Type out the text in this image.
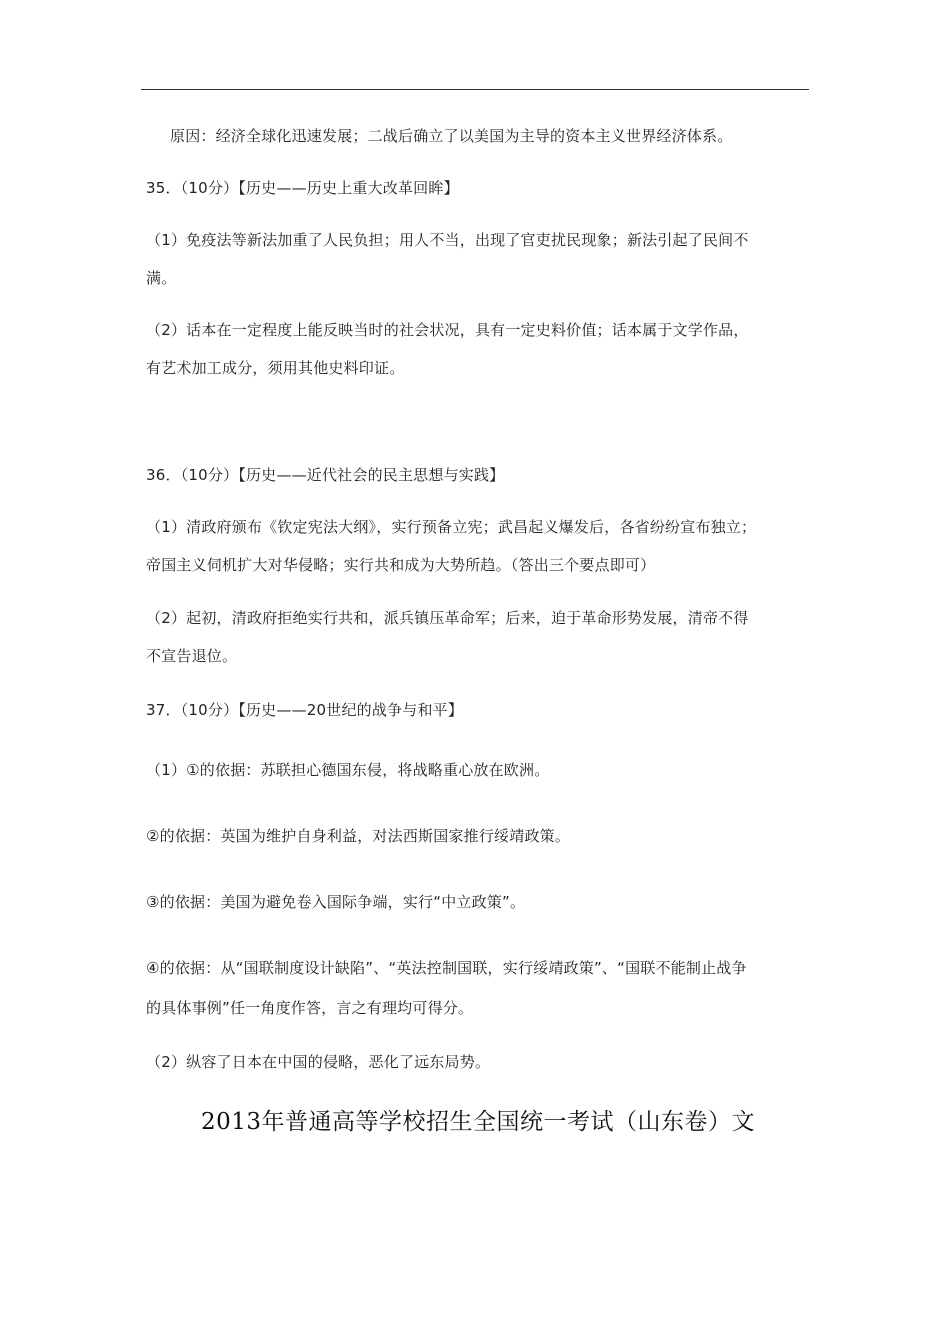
原因：经济全球化迅速发展；二战后确立了以美国为主导的资本主义世界经济体系。
35．（10分）【历史——历史上重大改革回眸】
（1）免疫法等新法加重了人民负担；用人不当，出现了官吏扰民现象；新法引起了民间不
满。
（2）话本在一定程度上能反映当时的社会状况，具有一定史料价值；话本属于文学作品，
有艺术加工成分，须用其他史料印证。
36．（10分）【历史——近代社会的民主思想与实践】
（1）清政府颁布《钦定宪法大纲》，实行预备立宪；武昌起义爆发后，各省纷纷宣布独立；
帝国主义伺机扩大对华侵略；实行共和成为大势所趋。（答出三个要点即可）
（2）起初，清政府拒绝实行共和，派兵镇压革命军；后来，迫于革命形势发展，清帝不得
不宣告退位。
37．（10分）【历史——20世纪的战争与和平】
（1）①的依据：苏联担心德国东侵，将战略重心放在欧洲。
②的依据：英国为维护自身利益，对法西斯国家推行绥靖政策。
③的依据：美国为避免卷入国际争端，实行“中立政策”。
④的依据：从“国联制度设计缺陷”、“英法控制国联，实行绥靖政策”、“国联不能制止战争
的具体事例”任一角度作答，言之有理均可得分。
（2）纵容了日本在中国的侵略，恶化了远东局势。
2013年普通高等学校招生全国统一考试（山东卷）文
